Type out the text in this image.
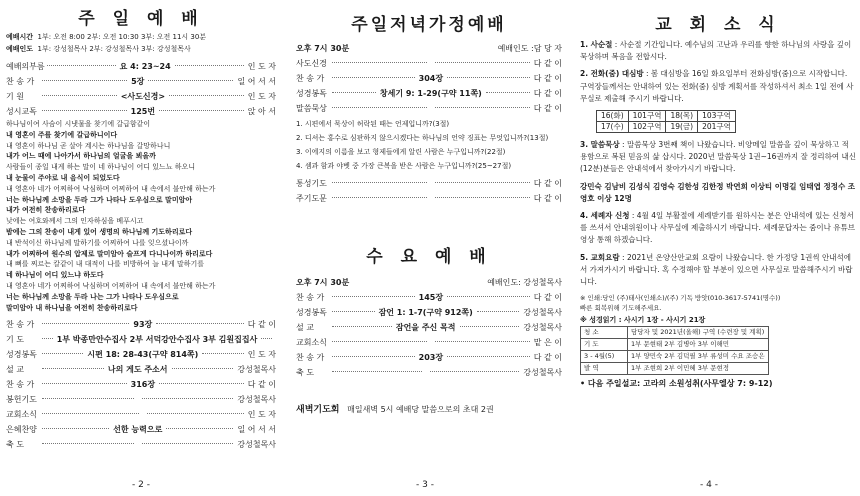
주 일 예 배
예배시간 1부: 오전 8:00 2부: 오전 10:30 3부: 오전 11시 30분
예배인도 1부: 강성철목사 2부: 강성철목사 3부: 강성철목사
예배의부름	요 4: 23~24	인 도 자
찬 송 가	5장	일 어 서 서
기 원	<사도신경>	인 도 자
성시교독	125번	앉 아 서
하나님이여 사슴이 시냇물을 찾기에 갈급함같이
내 영혼이 주를 찾기에 갈급하니이다
내 영혼이 하나님 곧 살아 계시는 하나님을 갈망하나니
내가 어느 때에 나아가서 하나님의 얼굴을 뵈올까
사람들이 종일 내게 하는 말이 네 하나님이 어디 있느뇨 하오니
내 눈물이 주야로 내 음식이 되었도다
내 영혼아 네가 어찌하여 낙심하며 어찌하여 내 속에서 불안해 하는가
너는 하나님께 소망을 두라 그가 나타나 도우심으로 말미암아
내가 여전히 찬송하리로다
낮에는 여호와께서 그의 인자하심을 베푸시고
밤에는 그의 찬송이 내게 있어 생명의 하나님께 기도하리로다
내 반석이신 하나님께 말하기를 어찌하여 나를 잊으셨나이까
내가 어찌하여 원수의 압제로 말미암아 슬프게 다니나이까 하리로다
내 뼈를 찌르는 칼같이 내 대적이 나를 비방하여 늘 내게 말하기를
네 하나님이 어디 있느냐 하도다
내 영혼아 네가 어찌하여 낙심하며 어찌하여 내 속에서 불안해 하는가
너는 하나님께 소망을 두라 나는 그가 나타나 도우심으로
말미암아 내 하나님을 여전히 찬송하리로다
찬 송 가	93장	다 같 이
기 도	1부 박종만안수집사 2부 서덕강안수집사 3부 김원집집사
성경봉독	시편 18: 28-43(구약 814쪽)	인 도 자
설 교	나의 게도 주소서	강성철목사
찬 송 가	316장	다 같 이
봉헌기도	강성철목사
교회소식	인 도 자
은혜찬양	선한 능력으로	일 어 서 서
축 도	강성철목사
- 2 -
주일저녁가정예배
오후 7시 30분	예배인도 :담 당 자
사도신경	다 같 이
찬 송 가	304장	다 같 이
성경봉독	창세기 9: 1-29(구약 11쪽)	다 같 이
말씀묵상	다 같 이
1. 시편에서 묵상이 허락된 때는 언제입니까?(3절)
2. 디셔는 홍수로 심판하지 않으시겠다는 하나님의 언약 징표는 무엇입니까?(13절)
3. 이에지의 이름을 보고 형제들에게 알린 사람은 누구입니까?(22절)
4. 셈과 함과 야벳 중 가장 큰복을 받은 사람은 누구입니까?(25~27절)
통성기도	다 같 이
주기도문	다 같 이
수 요 예 배
오후 7시 30분	예배인도: 강성철목사
찬 송 가	145장	다 같 이
성경봉독	잠언 1: 1-7(구약 912쪽)	강성철목사
설 교	잠언을 주신 목적	강성철목사
교회소식	맡 은 이
찬 송 가	203장	다 같 이
축 도	강성철목사
새벽기도회
매일새벽 5시 예배당 말씀으로의 초대 2권
- 3 -
교 회 소 식
1. 사순절 : 사순절 기간입니다. 예수님의 고난과 우리를 향한 하나님의 사랑을 깊이 묵상하며 복음을 전합시다.
2. 전화(줌) 대심방 : 봄 대심방을 16일 화요일부터 전화심방(줌)으로 시작합니다. 구역장들께서는 안내하여 있는 전화(줌) 심방 계획서를 작성하셔서 최소 1일 전에 사무실로 제출해 주시기 바랍니다.
16(화)	101구역	18(목)	103구역
17(수)	102구역	19(금)	201구역
3. 말씀묵상 : 말씀묵상 3번째 책이 나왔습니다. 비양메일 말씀을 깊이 묵상하고 적용함으로 복된 믿음의 삶 삽시다. 2020년 말씀묵상 1권~16권까지 잘 정리하여 내신(12분)분들은 안내석에서 찾아가시기 바랍니다.
강민숙 김남비 김성식 김영숙 김한성 김한정 박연희 이상티 이명길 임태엽 정정수 조영호 이상 12명
4. 세례자 신청 : 4월 4일 부활절에 세례받기를 원하시는 분은 안내석에 있는 신청서를 쓰셔서 안내위원이나 사무실에 제출하시기 바랍니다. 세례문답자는 줌이나 유튜브 영상 통해 하겠습니다.
5. 교회요람 : 2021년 온양산안교회 요람이 나왔습니다. 한 가정당 1권씩 안내석에서 가져가시기 바랍니다. 혹 수정해야 할 부분이 있으면 사무실로 말씀해주시기 바랍니다.
※ 인쇄:당인 (주)태사(인쇄소)/(주) 기독 방앗(010-3617-5741(명수))
빠른 회복위해 기도해주세요.
※ 성경읽기 : 사시기 1장 - 사시기 21장
청 소	담당자 및 2021년(올해) 구역 (수련장 및 계획)
기 도	1부 문현태 2부 김병아 3부 이해민
3 - 4월(5)	1부 양민숙 2부 김덕필 3부 류성미 수요 조승은
발 역	1부 조현희 2부 이민혜 3부 문현정
• 다음 주일설교: 고라의 소원성취(사무엘상 7: 9-12)
- 4 -
